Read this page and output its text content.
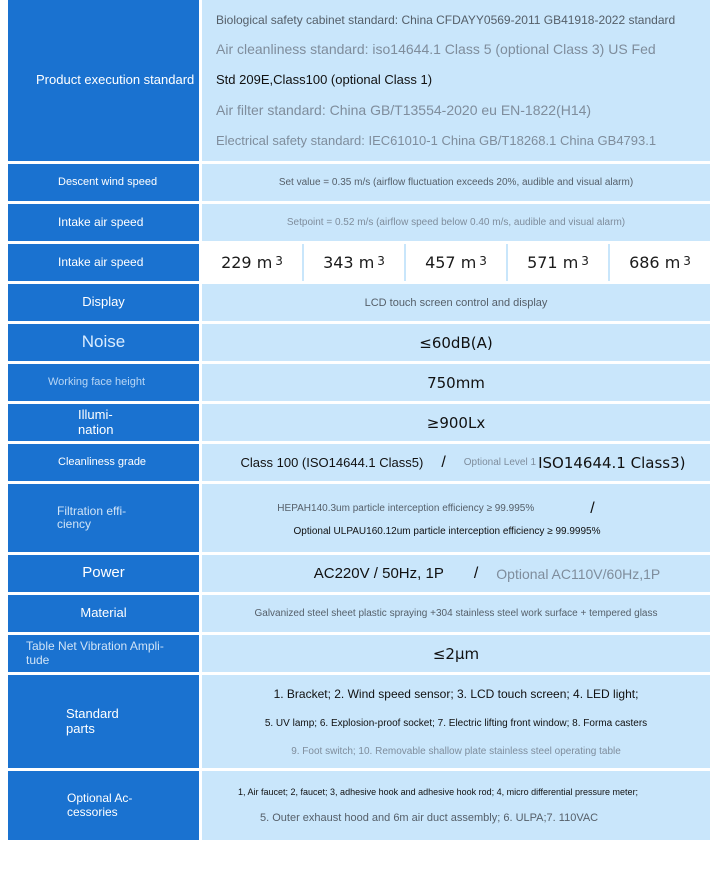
Product execution standard
Biological safety cabinet standard: China CFDAYY0569-2011 GB41918-2022 standard
Air cleanliness standard: iso14644.1 Class 5 (optional Class 3) US Fed
Std 209E,Class100 (optional Class 1)
Air filter standard: China GB/T13554-2020 eu EN-1822(H14)
Electrical safety standard: IEC61010-1 China GB/T18268.1 China GB4793.1
Descent wind speed	Set value = 0.35 m/s (airflow fluctuation exceeds 20%, audible and visual alarm)
Intake air speed	Setpoint = 0.52 m/s (airflow speed below 0.40 m/s, audible and visual alarm)
Intake air speed	229 m $^3$	343 m $^3$	457 m $^3$	571 m $^3$	686 m $^3$
Display	LCD touch screen control and display
Noise	≤60dB(A)
Working face height	750mm
Illumi-
nation	≥900Lx
Cleanliness grade	Class 100 (ISO14644.1 Class5) / Optional Level 1 ISO14644.1 Class3)
Filtration effi-
ciency
HEPAH140.3um particle interception efficiency ≥ 99.995%	/
Optional ULPAU160.12um particle interception efficiency ≥ 99.9995%
Power	AC220V / 50Hz, 1P / Optional AC110V/60Hz,1P
Material	Galvanized steel sheet plastic spraying +304 stainless steel work surface + tempered glass
Table Net Vibration Ampli-
tude	≤2μm
Standard
parts
1. Bracket; 2. Wind speed sensor; 3. LCD touch screen; 4. LED light;
5. UV lamp; 6. Explosion-proof socket; 7. Electric lifting front window; 8. Forma casters
9. Foot switch; 10. Removable shallow plate stainless steel operating table
Optional Ac-
cessories
1, Air faucet; 2, faucet; 3, adhesive hook and adhesive hook rod; 4, micro differential pressure meter;
5. Outer exhaust hood and 6m air duct assembly; 6. ULPA;7. 110VAC
